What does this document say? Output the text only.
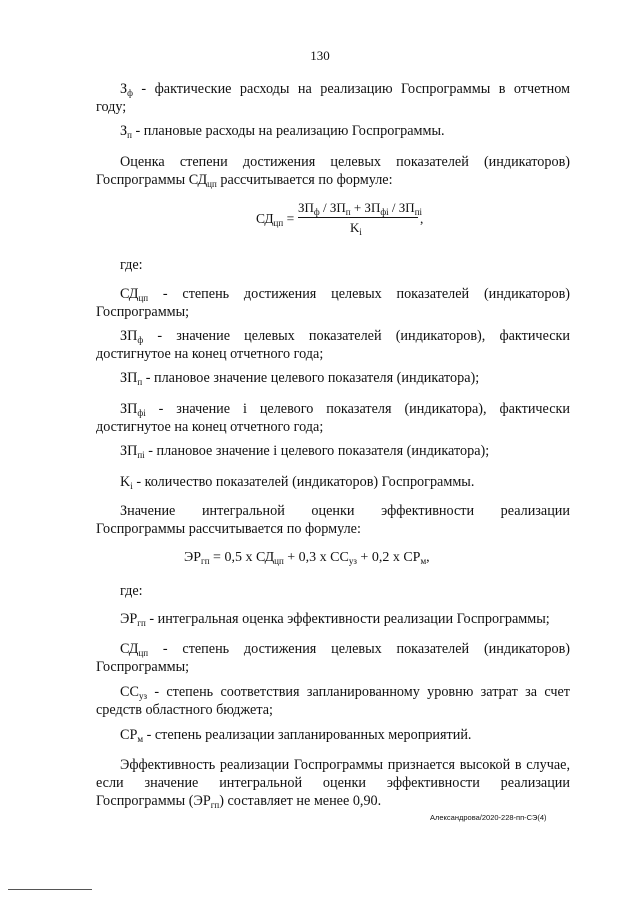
130
$З_ф$ - фактические расходы на реализацию Госпрограммы в отчетном
году;
$З_п$ - плановые расходы на реализацию Госпрограммы.
Оценка степени достижения целевых показателей (индикаторов)
Госпрограммы $СД_{цп}$ рассчитывается по формуле:
$СД_{цп}$ =
$ЗП_ф / ЗП_п + ЗП_{фi} / ЗП_{пi}$
$K_i$
,
где:
$СД_{цп}$ - степень достижения целевых показателей (индикаторов)
Госпрограммы;
$ЗП_ф$ - значение целевых показателей (индикаторов), фактически
достигнутое на конец отчетного года;
$ЗП_п$ - плановое значение целевого показателя (индикатора);
$ЗП_{фi}$ - значение i целевого показателя (индикатора), фактически
достигнутое на конец отчетного года;
$ЗП_{пi}$ - плановое значение i целевого показателя (индикатора);
$K_i$ - количество показателей (индикаторов) Госпрограммы.
Значение интегральной оценки эффективности реализации
Госпрограммы рассчитывается по формуле:
$ЭР_{гп} = 0,5$ х $СД_{цп} + 0,3$ х $СС_{уз} + 0,2$ х $СР_м$,
где:
$ЭР_{гп}$ - интегральная оценка эффективности реализации Госпрограммы;
$СД_{цп}$ - степень достижения целевых показателей (индикаторов)
Госпрограммы;
$СС_{уз}$ - степень соответствия запланированному уровню затрат за счет
средств областного бюджета;
$СР_м$ - степень реализации запланированных мероприятий.
Эффективность реализации Госпрограммы признается высокой в случае,
если значение интегральной оценки эффективности реализации
Госпрограммы $(ЭР_{гп})$ составляет не менее 0,90.
Александрова/2020-228-пп-СЭ(4)
